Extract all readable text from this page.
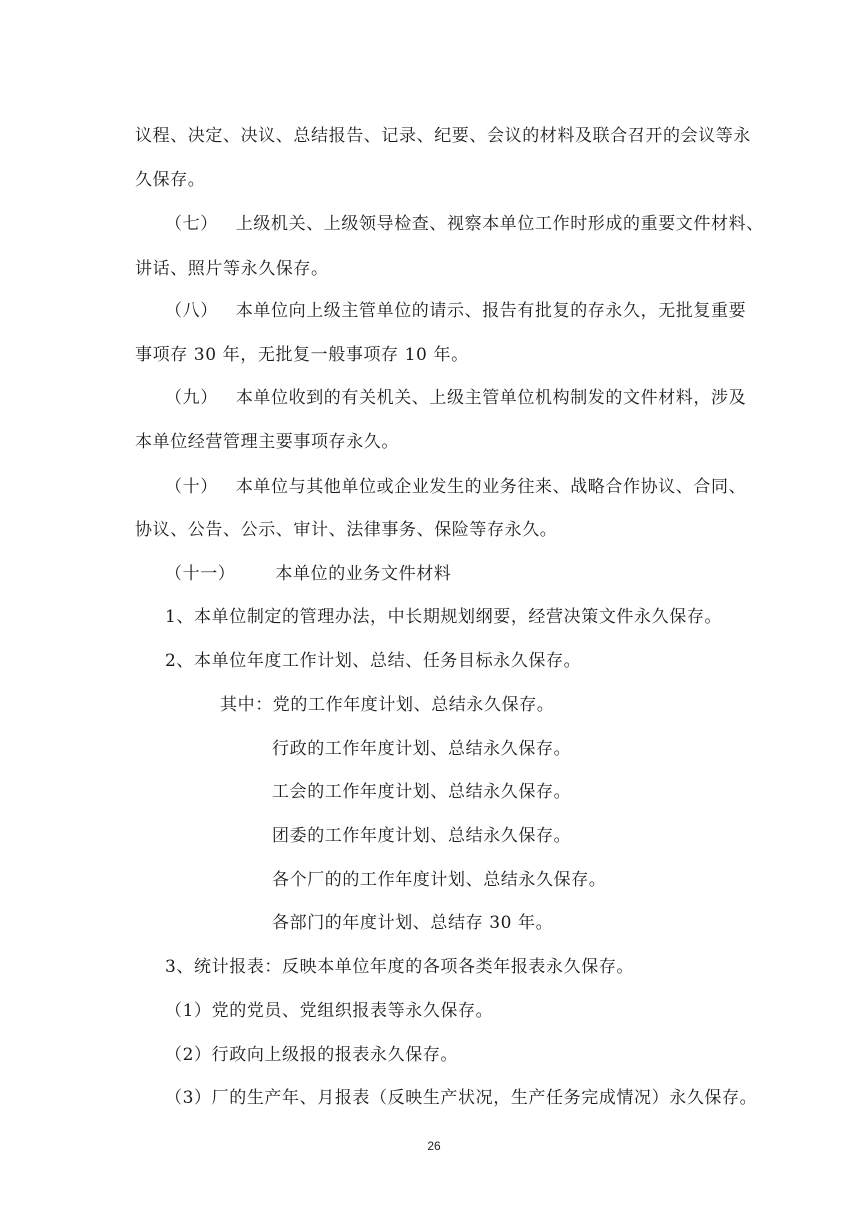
议程、决定、决议、总结报告、记录、纪要、会议的材料及联合召开的会议等永
久保存。
（七） 上级机关、上级领导检查、视察本单位工作时形成的重要文件材料、
讲话、照片等永久保存。
（八） 本单位向上级主管单位的请示、报告有批复的存永久，无批复重要
事项存 30 年，无批复一般事项存 10 年。
（九） 本单位收到的有关机关、上级主管单位机构制发的文件材料，涉及
本单位经营管理主要事项存永久。
（十） 本单位与其他单位或企业发生的业务往来、战略合作协议、合同、
协议、公告、公示、审计、法律事务、保险等存永久。
（十一） 本单位的业务文件材料
1、本单位制定的管理办法，中长期规划纲要，经营决策文件永久保存。
2、本单位年度工作计划、总结、任务目标永久保存。
其中：党的工作年度计划、总结永久保存。
行政的工作年度计划、总结永久保存。
工会的工作年度计划、总结永久保存。
团委的工作年度计划、总结永久保存。
各个厂的的工作年度计划、总结永久保存。
各部门的年度计划、总结存 30 年。
3、统计报表：反映本单位年度的各项各类年报表永久保存。
（1）党的党员、党组织报表等永久保存。
（2）行政向上级报的报表永久保存。
（3）厂的生产年、月报表（反映生产状况，生产任务完成情况）永久保存。
26
